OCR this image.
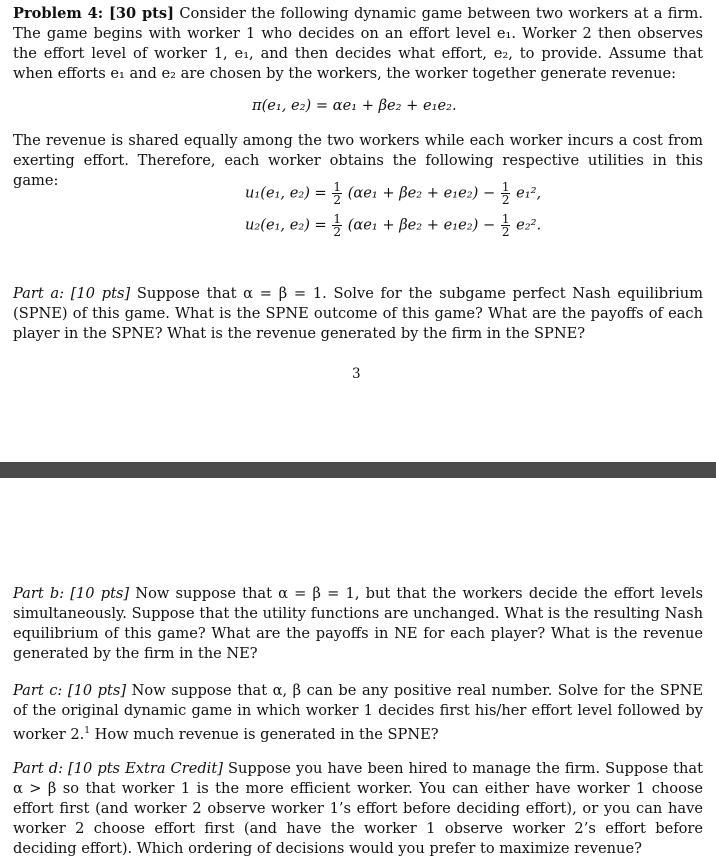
Problem 4: [30 pts] Consider the following dynamic game between two workers at a firm. The game begins with worker 1 who decides on an effort level e₁. Worker 2 then observes the effort level of worker 1, e₁, and then decides what effort, e₂, to provide. Assume that when efforts e₁ and e₂ are chosen by the workers, the worker together generate revenue:
π(e₁, e₂) = αe₁ + βe₂ + e₁e₂.
The revenue is shared equally among the two workers while each worker incurs a cost from exerting effort. Therefore, each worker obtains the following respective utilities in this game:
u₁(e₁, $e_2) = \frac{1}{2} (\alpha e_1 + \beta e_2 + e_1e_2) - \frac{1}{2} e_1^2$,
u₂(e₁, $e_2) = \frac{1}{2} (\alpha e_1 + \beta e_2 + e_1e_2) - \frac{1}{2} e_2^2$.
Part a: [10 pts] Suppose that α = β = 1. Solve for the subgame perfect Nash equilibrium (SPNE) of this game. What is the SPNE outcome of this game? What are the payoffs of each player in the SPNE? What is the revenue generated by the firm in the SPNE?
3
Part b: [10 pts] Now suppose that α = β = 1, but that the workers decide the effort levels simultaneously. Suppose that the utility functions are unchanged. What is the resulting Nash equilibrium of this game? What are the payoffs in NE for each player? What is the revenue generated by the firm in the NE?
Part c: [10 pts] Now suppose that α, β can be any positive real number. Solve for the SPNE of the original dynamic game in which worker 1 decides first his/her effort level followed by worker 2.$^1$ How much revenue is generated in the SPNE?
Part d: [10 pts Extra Credit] Suppose you have been hired to manage the firm. Suppose that α > β so that worker 1 is the more efficient worker. You can either have worker 1 choose effort first (and worker 2 observe worker 1’s effort before deciding effort), or you can have worker 2 choose effort first (and have the worker 1 observe worker 2’s effort before deciding effort). Which ordering of decisions would you prefer to maximize revenue?
